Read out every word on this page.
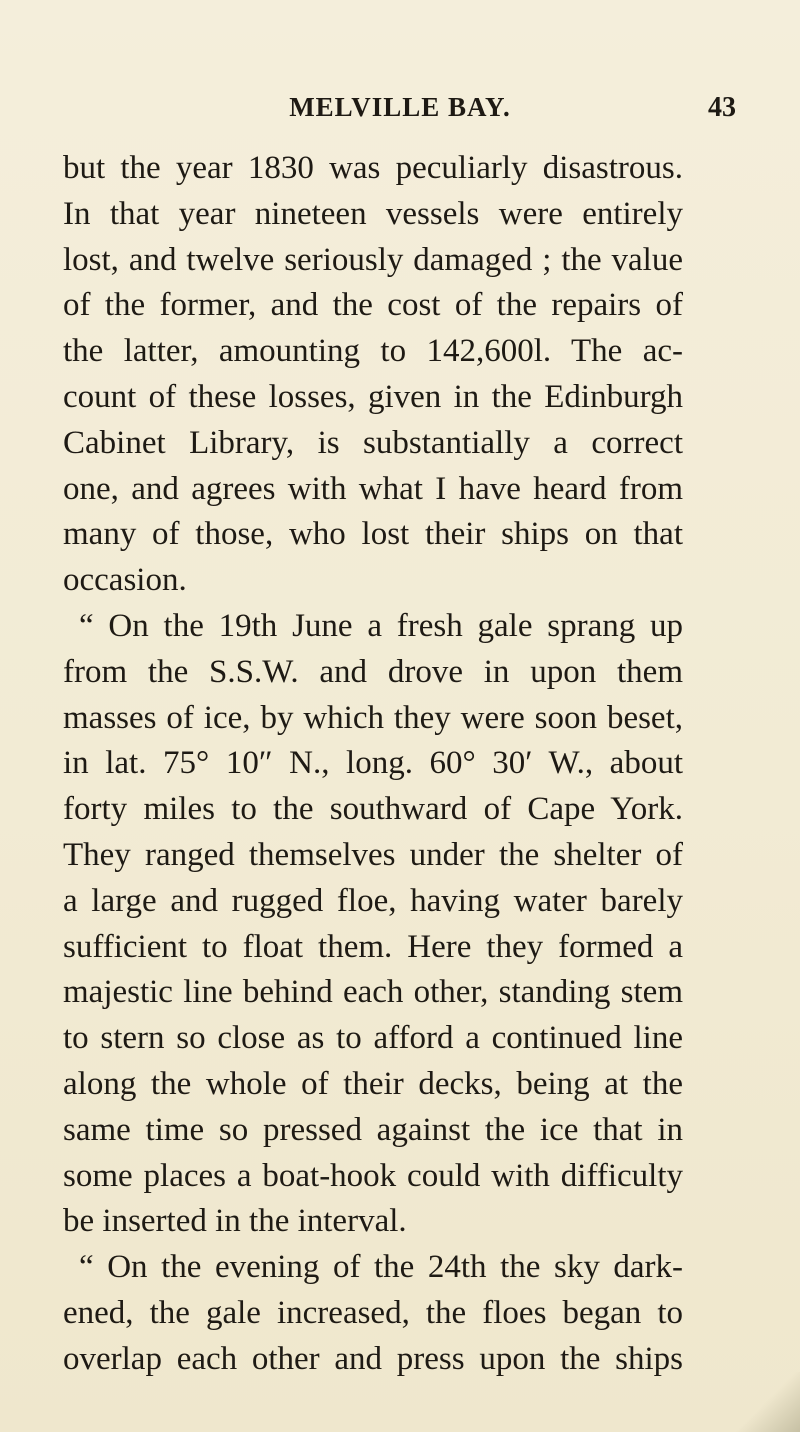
MELVILLE BAY.	43
but the year 1830 was peculiarly disastrous.
In that year nineteen vessels were entirely
lost, and twelve seriously damaged ; the value
of the former, and the cost of the repairs of
the latter, amounting to 142,600l. The ac-
count of these losses, given in the Edinburgh
Cabinet Library, is substantially a correct
one, and agrees with what I have heard from
many of those, who lost their ships on that
occasion.
“ On the 19th June a fresh gale sprang up
from the S.S.W. and drove in upon them
masses of ice, by which they were soon beset,
in lat. 75° 10″ N., long. 60° 30′ W., about
forty miles to the southward of Cape York.
They ranged themselves under the shelter of
a large and rugged floe, having water barely
sufficient to float them. Here they formed a
majestic line behind each other, standing stem
to stern so close as to afford a continued line
along the whole of their decks, being at the
same time so pressed against the ice that in
some places a boat-hook could with difficulty
be inserted in the interval.
“ On the evening of the 24th the sky dark-
ened, the gale increased, the floes began to
overlap each other and press upon the ships
